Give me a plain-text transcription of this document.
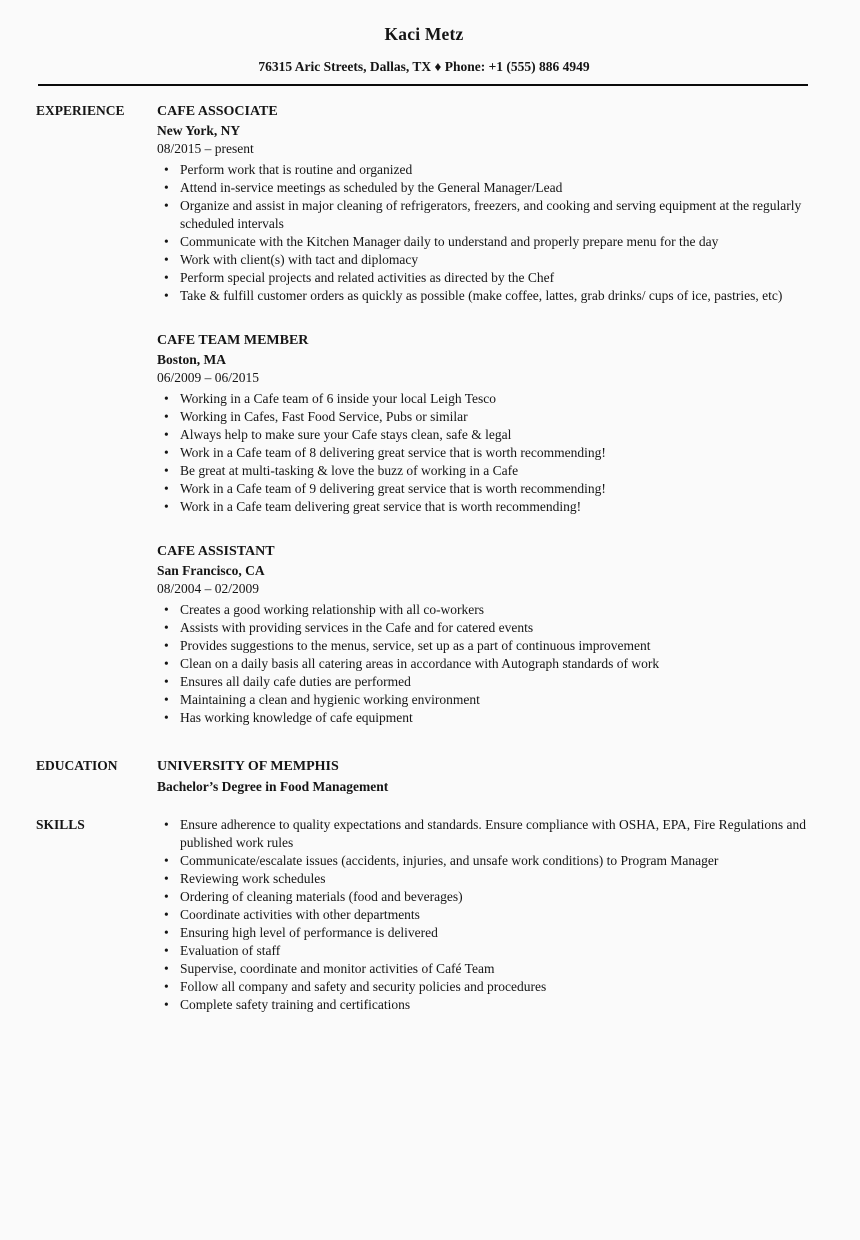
Kaci Metz
76315 Aric Streets, Dallas, TX ♦ Phone: +1 (555) 886 4949
EXPERIENCE	CAFE ASSOCIATE
New York, NY
08/2015 – present
• Perform work that is routine and organized
• Attend in-service meetings as scheduled by the General Manager/Lead
• Organize and assist in major cleaning of refrigerators, freezers, and cooking and serving equipment at the regularly scheduled intervals
• Communicate with the Kitchen Manager daily to understand and properly prepare menu for the day
• Work with client(s) with tact and diplomacy
• Perform special projects and related activities as directed by the Chef
• Take & fulfill customer orders as quickly as possible (make coffee, lattes, grab drinks/ cups of ice, pastries, etc)
CAFE TEAM MEMBER
Boston, MA
06/2009 – 06/2015
• Working in a Cafe team of 6 inside your local Leigh Tesco
• Working in Cafes, Fast Food Service, Pubs or similar
• Always help to make sure your Cafe stays clean, safe & legal
• Work in a Cafe team of 8 delivering great service that is worth recommending!
• Be great at multi-tasking & love the buzz of working in a Cafe
• Work in a Cafe team of 9 delivering great service that is worth recommending!
• Work in a Cafe team delivering great service that is worth recommending!
CAFE ASSISTANT
San Francisco, CA
08/2004 – 02/2009
• Creates a good working relationship with all co-workers
• Assists with providing services in the Cafe and for catered events
• Provides suggestions to the menus, service, set up as a part of continuous improvement
• Clean on a daily basis all catering areas in accordance with Autograph standards of work
• Ensures all daily cafe duties are performed
• Maintaining a clean and hygienic working environment
• Has working knowledge of cafe equipment
EDUCATION	UNIVERSITY OF MEMPHIS
Bachelor’s Degree in Food Management
SKILLS	• Ensure adherence to quality expectations and standards. Ensure compliance with OSHA, EPA, Fire Regulations and published work rules
• Communicate/escalate issues (accidents, injuries, and unsafe work conditions) to Program Manager
• Reviewing work schedules
• Ordering of cleaning materials (food and beverages)
• Coordinate activities with other departments
• Ensuring high level of performance is delivered
• Evaluation of staff
• Supervise, coordinate and monitor activities of Café Team
• Follow all company and safety and security policies and procedures
• Complete safety training and certifications
